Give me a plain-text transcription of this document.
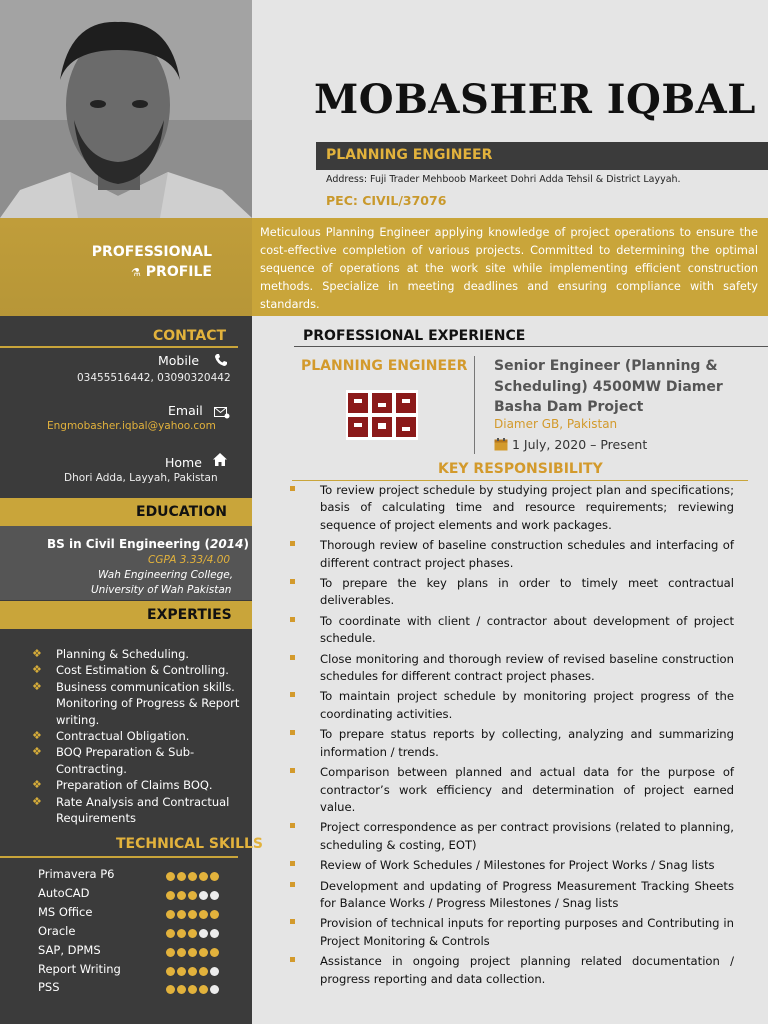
MOBASHER IQBAL
PLANNING ENGINEER
Address: Fuji Trader Mehboob Markeet Dohri Adda Tehsil & District Layyah.
PEC: CIVIL/37076
PROFESSIONAL
⚗ PROFILE
Meticulous Planning Engineer applying knowledge of project operations to ensure the cost-effective completion of various projects. Committed to determining the optimal sequence of operations at the work site while implementing efficient construction methods. Specialize in meeting deadlines and ensuring compliance with safety standards.
CONTACT
Mobile
03455516442, 03090320442
Email
Engmobasher.iqbal@yahoo.com
Home
Dhori Adda, Layyah, Pakistan
EDUCATION
BS in Civil Engineering (2014)
CGPA 3.33/4.00
Wah Engineering College,
University of Wah Pakistan
EXPERTIES
❖ Planning & Scheduling.
❖ Cost Estimation & Controlling.
❖ Business communication skills.
Monitoring of Progress & Report writing.
❖ Contractual Obligation.
❖ BOQ Preparation & Sub-Contracting.
❖ Preparation of Claims BOQ.
❖ Rate Analysis and Contractual Requirements
TECHNICAL SKILLS
Primavera P6
AutoCAD
MS Office
Oracle
SAP, DPMS
Report Writing
PSS
PROFESSIONAL EXPERIENCE
PLANNING ENGINEER Senior Engineer (Planning & Scheduling) 4500MW Diamer Basha Dam Project
Diamer GB, Pakistan
1 July, 2020 – Present
KEY RESPONSIBILITY
To review project schedule by studying project plan and specifications; basis of calculating time and resource requirements; reviewing sequence of project elements and work packages.
Thorough review of baseline construction schedules and interfacing of different contract project phases.
To prepare the key plans in order to timely meet contractual deliverables.
To coordinate with client / contractor about development of project schedule.
Close monitoring and thorough review of revised baseline construction schedules for different contract project phases.
To maintain project schedule by monitoring project progress of the coordinating activities.
To prepare status reports by collecting, analyzing and summarizing information / trends.
Comparison between planned and actual data for the purpose of contractor’s work efficiency and determination of project earned value.
Project correspondence as per contract provisions (related to planning, scheduling & costing, EOT)
Review of Work Schedules / Milestones for Project Works / Snag lists
Development and updating of Progress Measurement Tracking Sheets for Balance Works / Progress Milestones / Snag lists
Provision of technical inputs for reporting purposes and Contributing in Project Monitoring & Controls
Assistance in ongoing project planning related documentation / progress reporting and data collection.
